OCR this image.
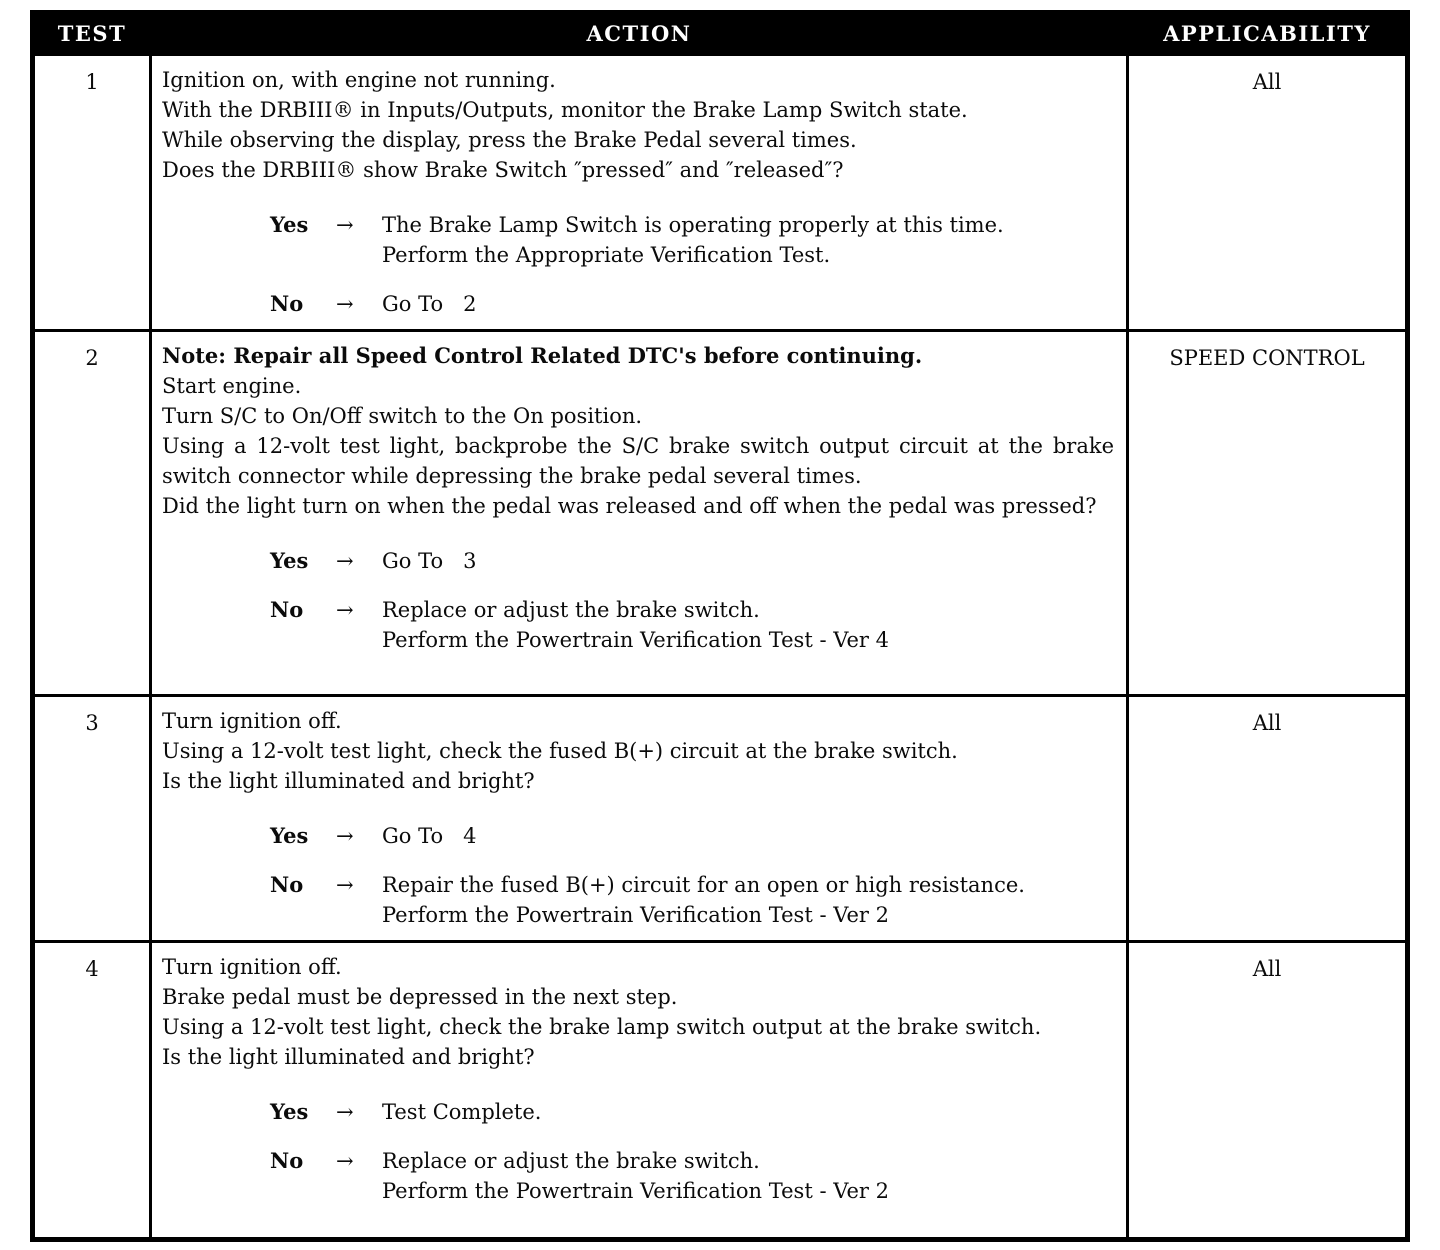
TEST	ACTION	APPLICABILITY
1	Ignition on, with engine not running.

With the DRBIII® in Inputs/Outputs, monitor the Brake Lamp Switch state.

While observing the display, press the Brake Pedal several times.

Does the DRBIII® show Brake Switch ″pressed″ and ″released″?

Yes	→	The Brake Lamp Switch is operating properly at this time.

Perform the Appropriate Verification Test.

No	→	Go To   2

	All
2	Note: Repair all Speed Control Related DTC's before continuing.

Start engine.

Turn S/C to On/Off switch to the On position.

Using a 12-volt test light, backprobe the S/C brake switch output circuit at the brake switch connector while depressing the brake pedal several times.

Did the light turn on when the pedal was released and off when the pedal was pressed?

Yes	→	Go To   3

No	→	Replace or adjust the brake switch.

Perform the Powertrain Verification Test - Ver 4

	SPEED CONTROL
3	Turn ignition off.

Using a 12-volt test light, check the fused B(+) circuit at the brake switch.

Is the light illuminated and bright?

Yes	→	Go To   4

No	→	Repair the fused B(+) circuit for an open or high resistance.

Perform the Powertrain Verification Test - Ver 2

	All
4	Turn ignition off.

Brake pedal must be depressed in the next step.

Using a 12-volt test light, check the brake lamp switch output at the brake switch.

Is the light illuminated and bright?

Yes	→	Test Complete.

No	→	Replace or adjust the brake switch.

Perform the Powertrain Verification Test - Ver 2

	All
